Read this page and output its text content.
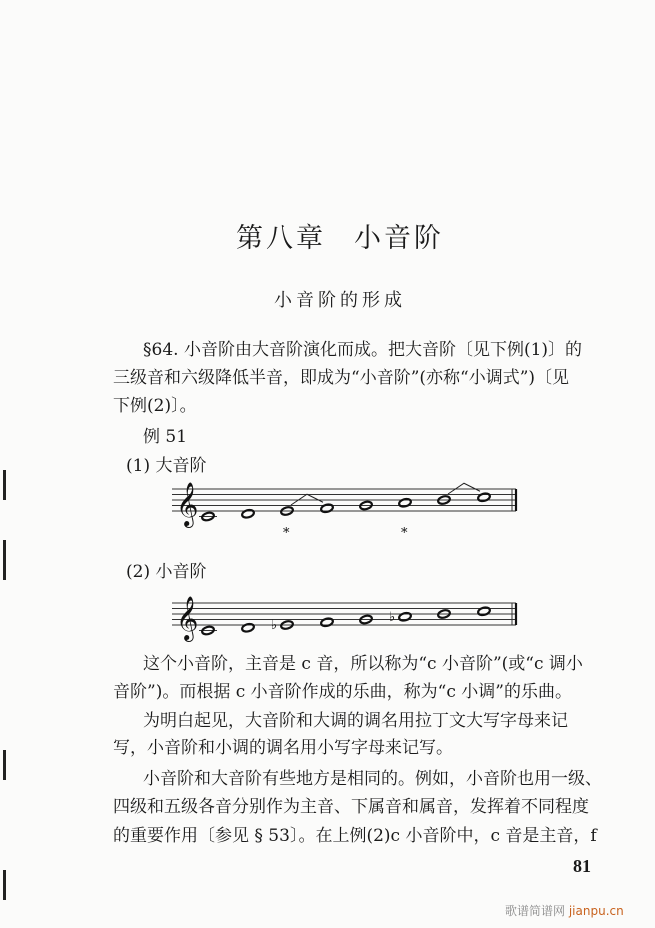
第八章 小音阶
小音阶的形成
§64. 小音阶由大音阶演化而成。把大音阶〔见下例(1)〕的
三级音和六级降低半音，即成为“小音阶”(亦称“小调式”)〔见
下例(2)〕。
例 51
(1) 大音阶
(2) 小音阶
𝄞
*	*
𝄞	♭
♭
这个小音阶，主音是 c 音，所以称为“c 小音阶”(或“c 调小
音阶”)。而根据 c 小音阶作成的乐曲，称为“c 小调”的乐曲。
为明白起见，大音阶和大调的调名用拉丁文大写字母来记
写，小音阶和小调的调名用小写字母来记写。
小音阶和大音阶有些地方是相同的。例如，小音阶也用一级、
四级和五级各音分别作为主音、下属音和属音，发挥着不同程度
的重要作用〔参见 § 53〕。在上例(2)c 小音阶中，c 音是主音，f
81
歌谱简谱网 jianpu.cn
